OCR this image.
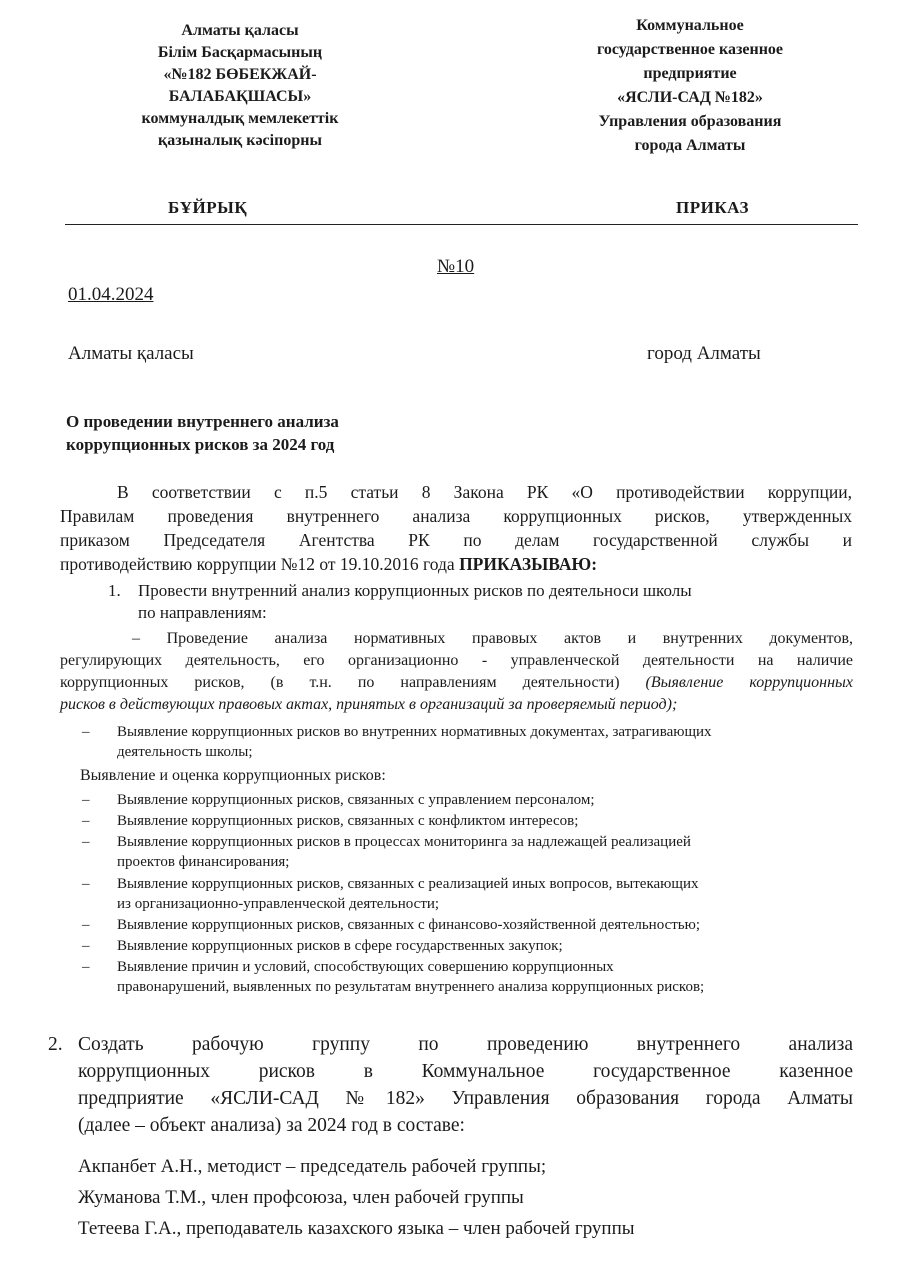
Алматы қаласы
Білім Басқармасының
«№182 БӨБЕКЖАЙ-
БАЛАБАҚШАСЫ»
коммуналдық мемлекеттік
қазыналық кәсіпорны
Коммунальное
государственное казенное
предприятие
«ЯСЛИ-САД №182»
Управления образования
города Алматы
БҰЙРЫҚ	ПРИКАЗ
№10
01.04.2024
Алматы қаласы	город Алматы
О проведении внутреннего анализа
коррупционных рисков за 2024 год
В соответствии с п.5 статьи 8 Закона РК «О противодействии коррупции,
Правилам проведения внутреннего анализа коррупционных рисков, утвержденных
приказом Председателя Агентства РК по делам государственной службы и
противодействию коррупции №12 от 19.10.2016 года ПРИКАЗЫВАЮ:
1. Провести внутренний анализ коррупционных рисков по деятельноси школы
по направлениям:
– Проведение анализа нормативных правовых актов и внутренних документов,
регулирующих деятельность, его организационно - управленческой деятельности на наличие
коррупционных рисков, (в т.н. по направлениям деятельности) (Выявление коррупционных
рисков в действующих правовых актах, принятых в организаций за проверяемый период);
– Выявление коррупционных рисков во внутренних нормативных документах, затрагивающих
деятельность школы;
Выявление и оценка коррупционных рисков:
– Выявление коррупционных рисков, связанных с управлением персоналом;
– Выявление коррупционных рисков, связанных с конфликтом интересов;
– Выявление коррупционных рисков в процессах мониторинга за надлежащей реализацией
проектов финансирования;
– Выявление коррупционных рисков, связанных с реализацией иных вопросов, вытекающих
из организационно-управленческой деятельности;
– Выявление коррупционных рисков, связанных с финансово-хозяйственной деятельностью;
– Выявление коррупционных рисков в сфере государственных закупок;
– Выявление причин и условий, способствующих совершению коррупционных
правонарушений, выявленных по результатам внутреннего анализа коррупционных рисков;
2. Создать рабочую группу по проведению внутреннего анализа
коррупционных рисков в Коммунальное государственное казенное
предприятие «ЯСЛИ-САД №182» Управления образования города Алматы
(далее – объект анализа) за 2024 год в составе:
Акпанбет А.Н., методист – председатель рабочей группы;
Жуманова Т.М., член профсоюза, член рабочей группы
Тетеева Г.А., преподаватель казахского языка – член рабочей группы
